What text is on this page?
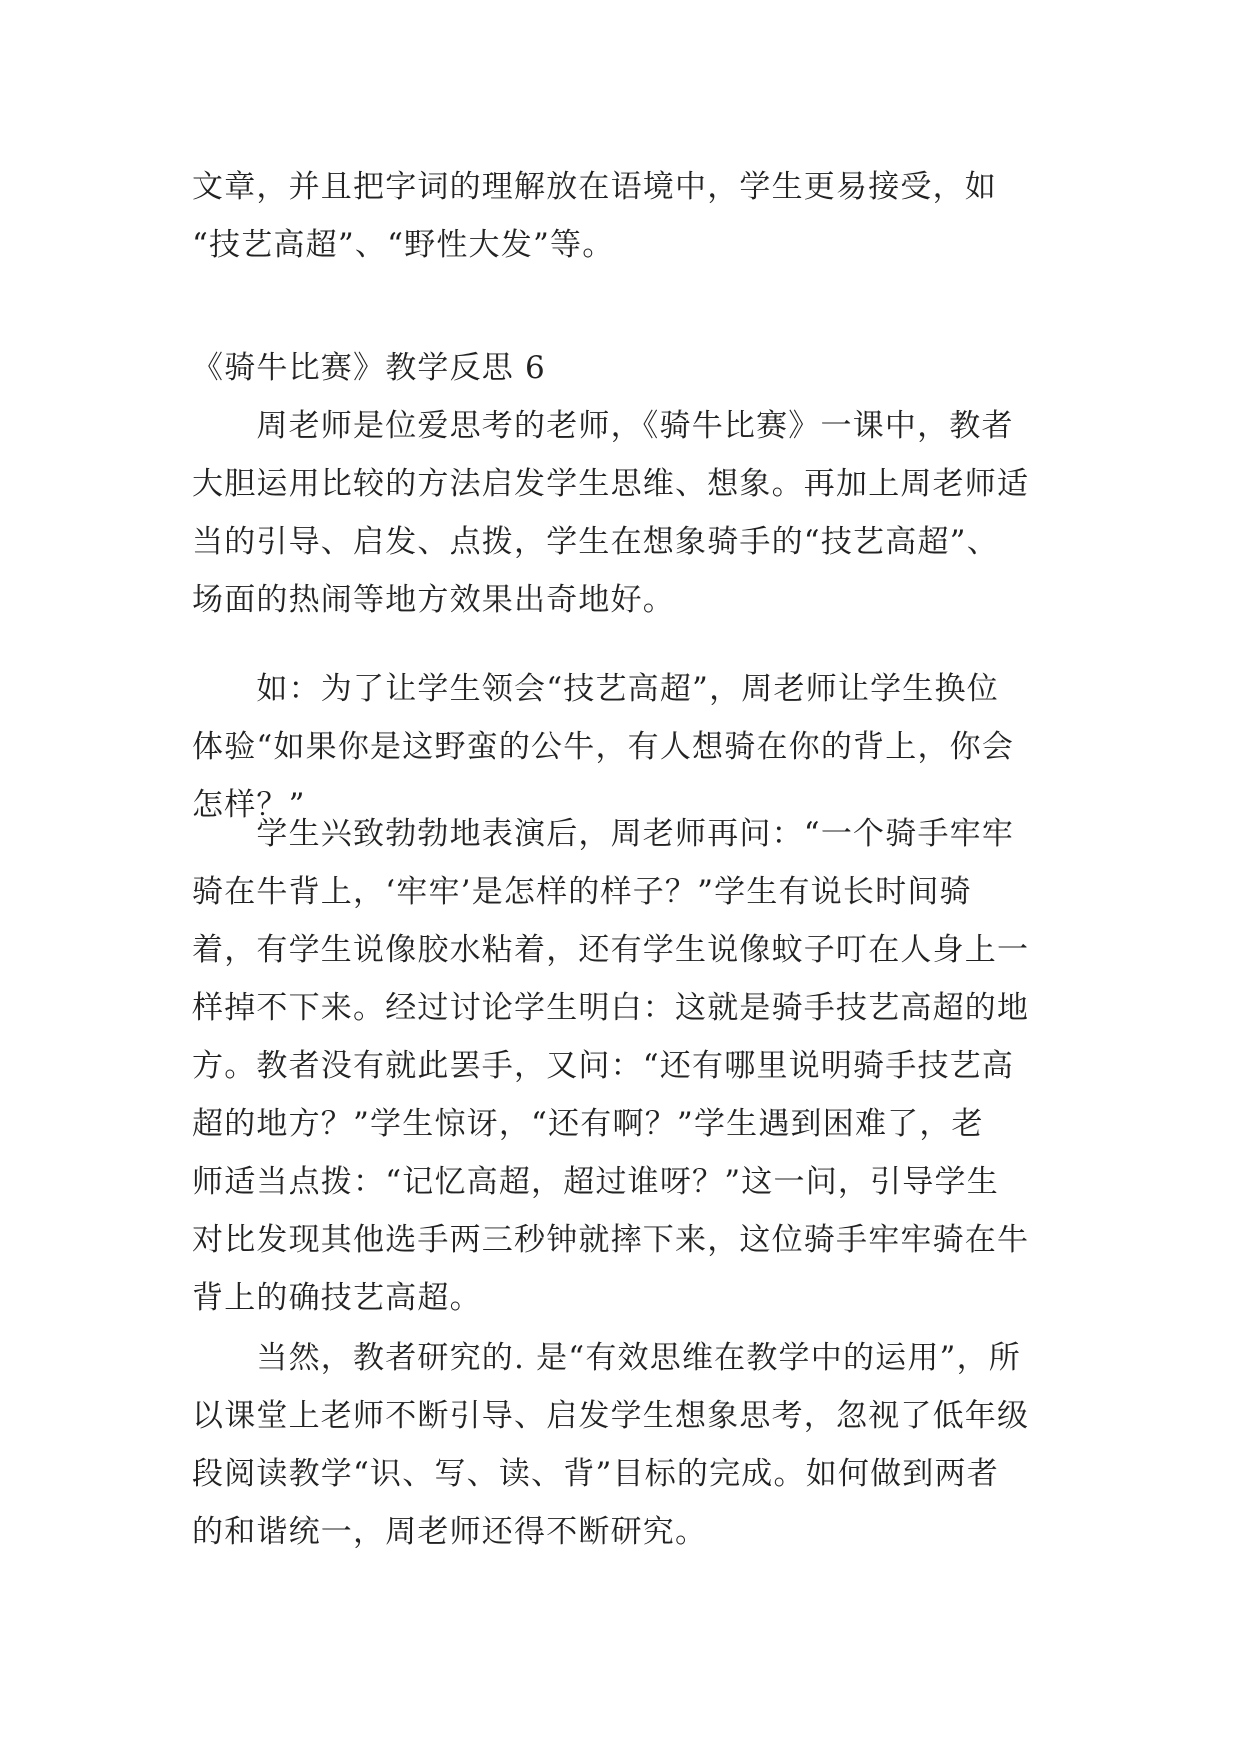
文章，并且把字词的理解放在语境中，学生更易接受，如
“技艺高超”、“野性大发”等。
《骑牛比赛》教学反思 6
　　周老师是位爱思考的老师，《骑牛比赛》一课中，教者
大胆运用比较的方法启发学生思维、想象。再加上周老师适
当的引导、启发、点拨，学生在想象骑手的“技艺高超”、
场面的热闹等地方效果出奇地好。
　　如：为了让学生领会“技艺高超”，周老师让学生换位
体验“如果你是这野蛮的公牛，有人想骑在你的背上，你会
怎样？”
　　学生兴致勃勃地表演后，周老师再问：“一个骑手牢牢
骑在牛背上，‘牢牢’是怎样的样子？”学生有说长时间骑
着，有学生说像胶水粘着，还有学生说像蚊子叮在人身上一
样掉不下来。经过讨论学生明白：这就是骑手技艺高超的地
方。教者没有就此罢手，又问：“还有哪里说明骑手技艺高
超的地方？”学生惊讶，“还有啊？”学生遇到困难了，老
师适当点拨：“记忆高超，超过谁呀？”这一问，引导学生
对比发现其他选手两三秒钟就摔下来，这位骑手牢牢骑在牛
背上的确技艺高超。
　　当然，教者研究的. 是“有效思维在教学中的运用”，所
以课堂上老师不断引导、启发学生想象思考，忽视了低年级
段阅读教学“识、写、读、背”目标的完成。如何做到两者
的和谐统一，周老师还得不断研究。
